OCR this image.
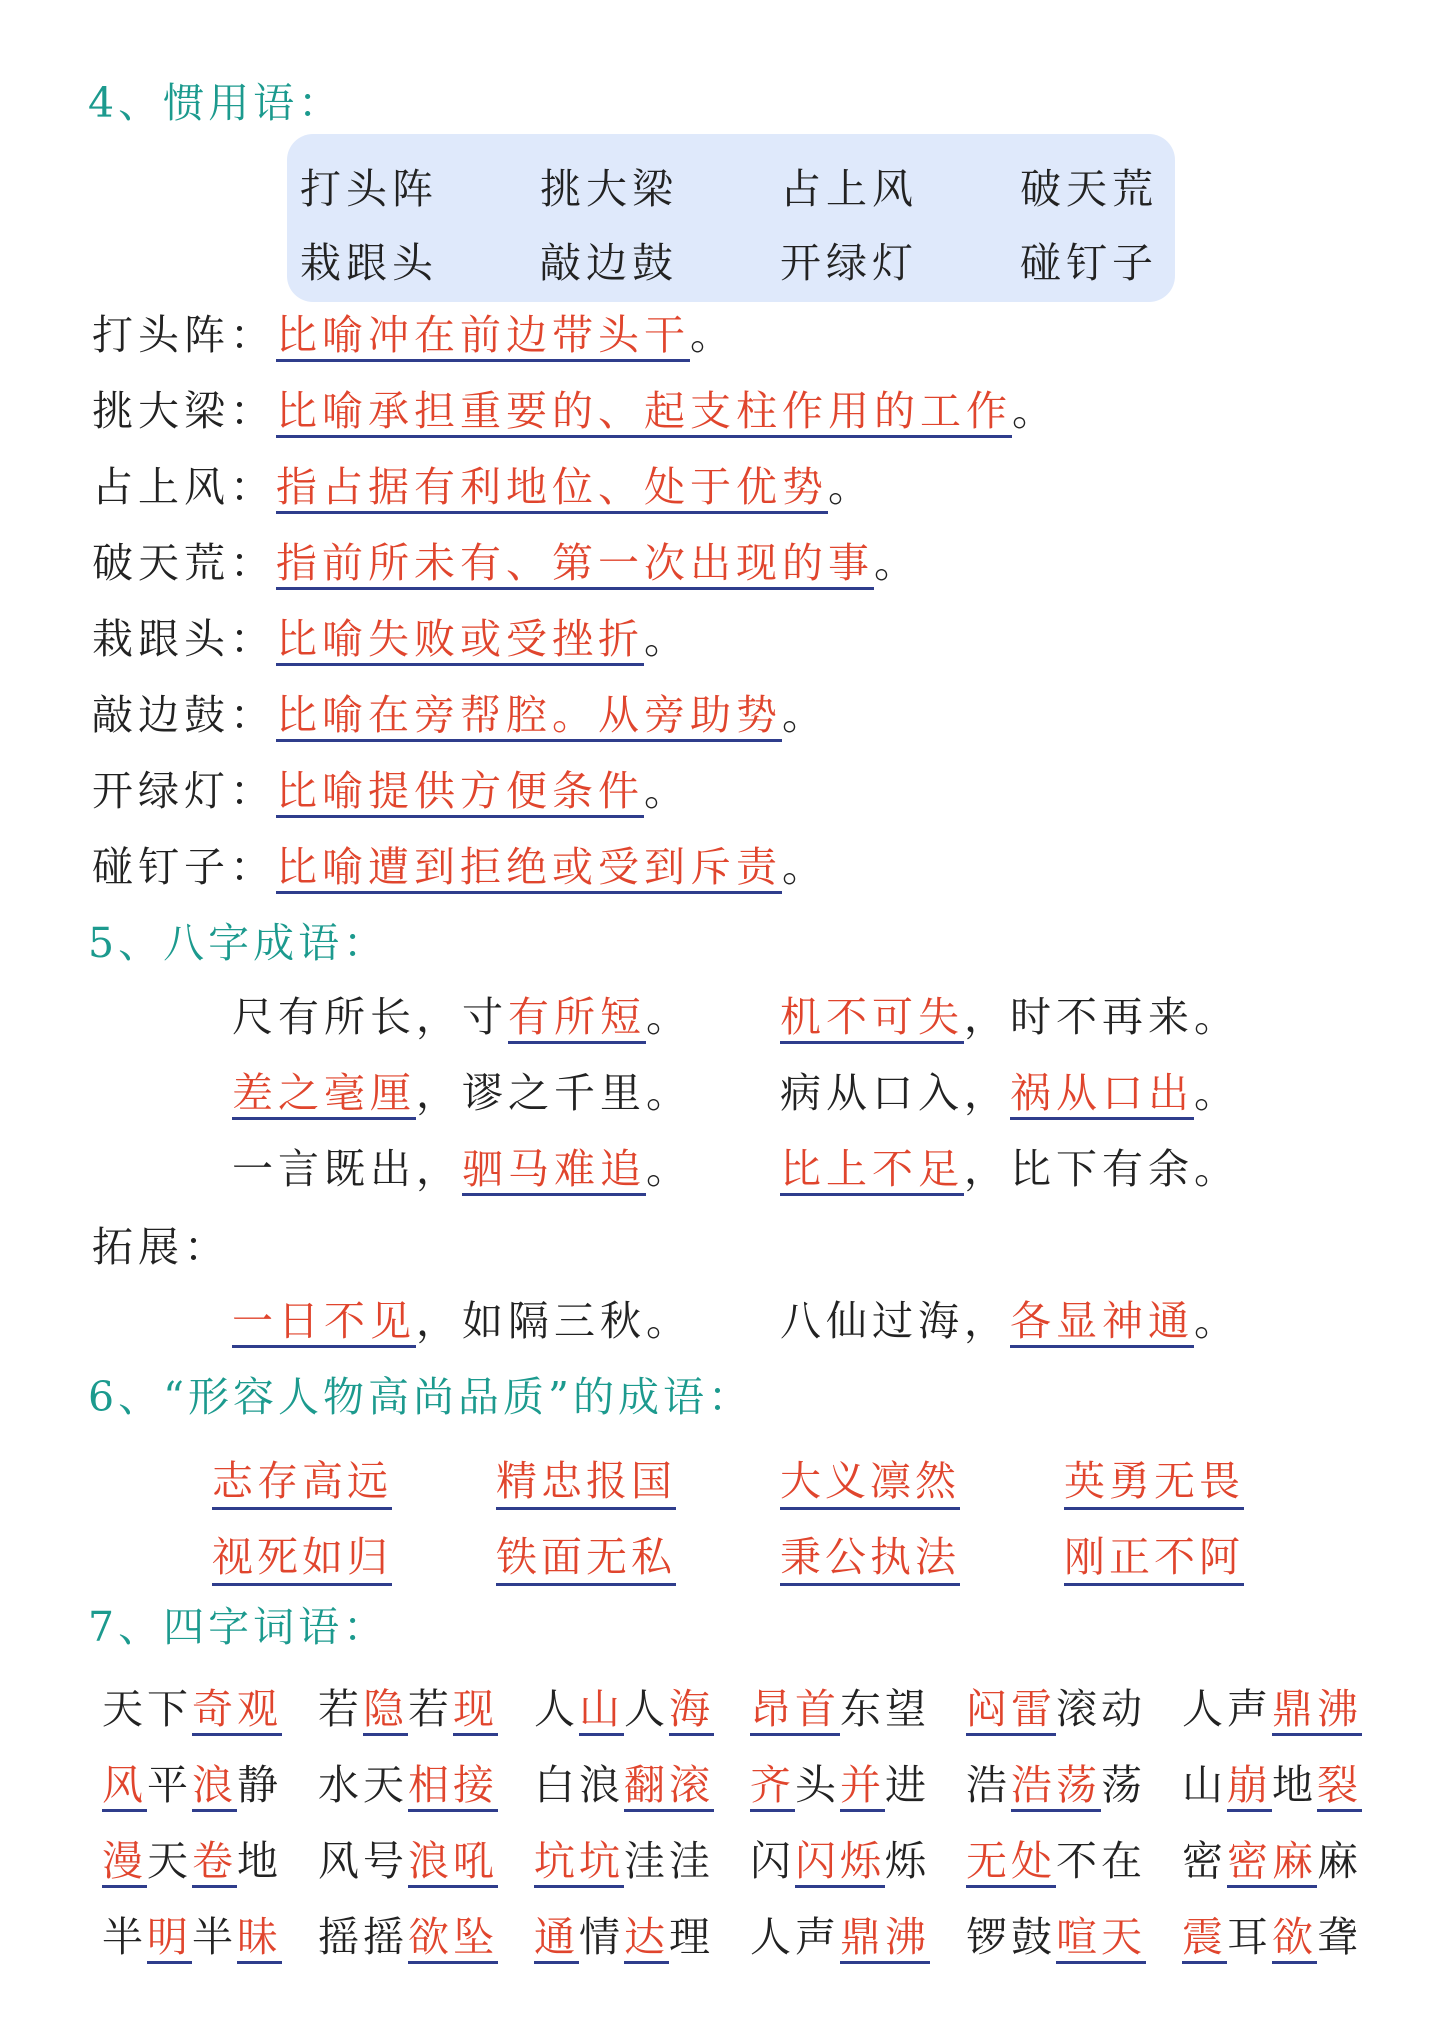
4、惯用语：
打头阵 挑大梁 占上风 破天荒
栽跟头 敲边鼓 开绿灯 碰钉子
打头阵：比喻冲在前边带头干。
挑大梁：比喻承担重要的、起支柱作用的工作。
占上风：指占据有利地位、处于优势。
破天荒：指前所未有、第一次出现的事。
栽跟头：比喻失败或受挫折。
敲边鼓：比喻在旁帮腔。从旁助势。
开绿灯：比喻提供方便条件。
碰钉子：比喻遭到拒绝或受到斥责。
5、八字成语：
尺有所长，寸有所短。 机不可失，时不再来。
差之毫厘，谬之千里。 病从口入，祸从口出。
一言既出，驷马难追。 比上不足，比下有余。
一日不见，如隔三秋。 八仙过海，各显神通。
拓展：
6、“形容人物高尚品质”的成语：
志存高远	精忠报国	大义凛然	英勇无畏
视死如归	铁面无私	秉公执法	刚正不阿
7、四字词语：
天下奇观 若隐若现 人山人海 昂首东望 闷雷滚动 人声鼎沸
风平浪静 水天相接 白浪翻滚 齐头并进 浩浩荡荡 山崩地裂
漫天卷地 风号浪吼 坑坑洼洼 闪闪烁烁 无处不在 密密麻麻
半明半昧 摇摇欲坠 通情达理 人声鼎沸 锣鼓喧天 震耳欲聋
